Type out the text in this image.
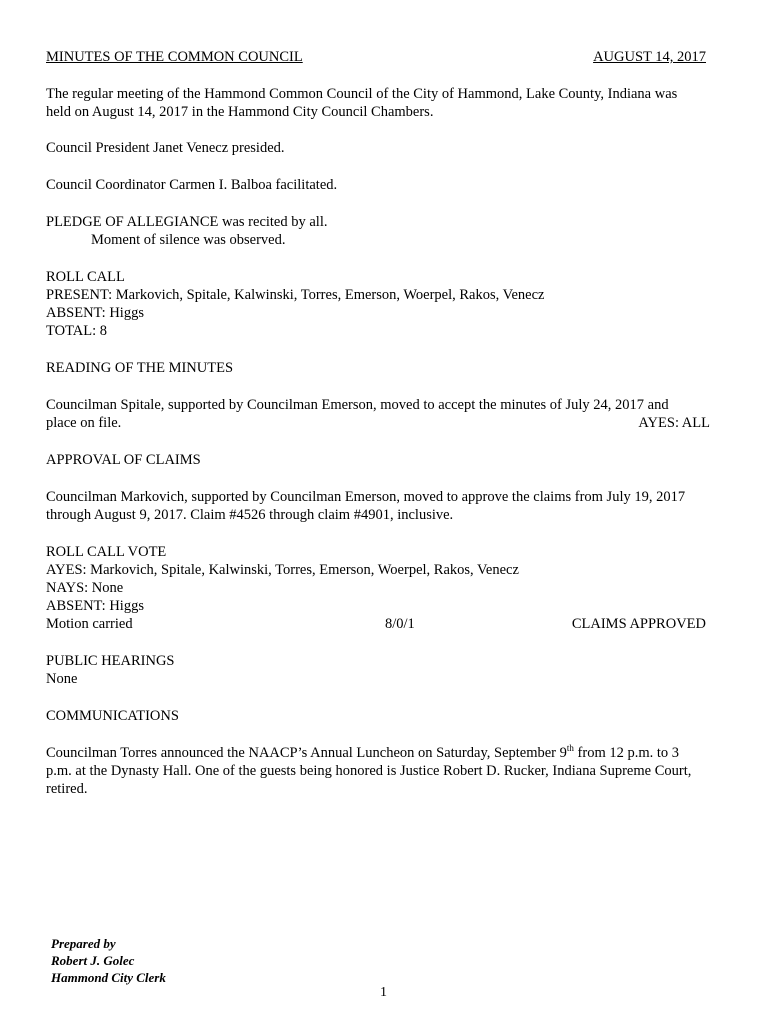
MINUTES OF THE COMMON COUNCIL	AUGUST 14, 2017
The regular meeting of the Hammond Common Council of the City of Hammond, Lake County, Indiana was
held on August 14, 2017 in the Hammond City Council Chambers.
Council President Janet Venecz presided.
Council Coordinator Carmen I. Balboa facilitated.
PLEDGE OF ALLEGIANCE was recited by all.
Moment of silence was observed.
ROLL CALL
PRESENT: Markovich, Spitale, Kalwinski, Torres, Emerson, Woerpel, Rakos, Venecz
ABSENT: Higgs
TOTAL: 8
READING OF THE MINUTES
Councilman Spitale, supported by Councilman Emerson, moved to accept the minutes of July 24, 2017 and
place on file.	AYES: ALL
APPROVAL OF CLAIMS
Councilman Markovich, supported by Councilman Emerson, moved to approve the claims from July 19, 2017
through August 9, 2017. Claim #4526 through claim #4901, inclusive.
ROLL CALL VOTE
AYES: Markovich, Spitale, Kalwinski, Torres, Emerson, Woerpel, Rakos, Venecz
NAYS: None
ABSENT: Higgs
Motion carried	8/0/1	CLAIMS APPROVED
PUBLIC HEARINGS
None
COMMUNICATIONS
Councilman Torres announced the NAACP’s Annual Luncheon on Saturday, September 9th from 12 p.m. to 3
p.m. at the Dynasty Hall. One of the guests being honored is Justice Robert D. Rucker, Indiana Supreme Court,
retired.
Prepared by
Robert J. Golec
Hammond City Clerk
1
